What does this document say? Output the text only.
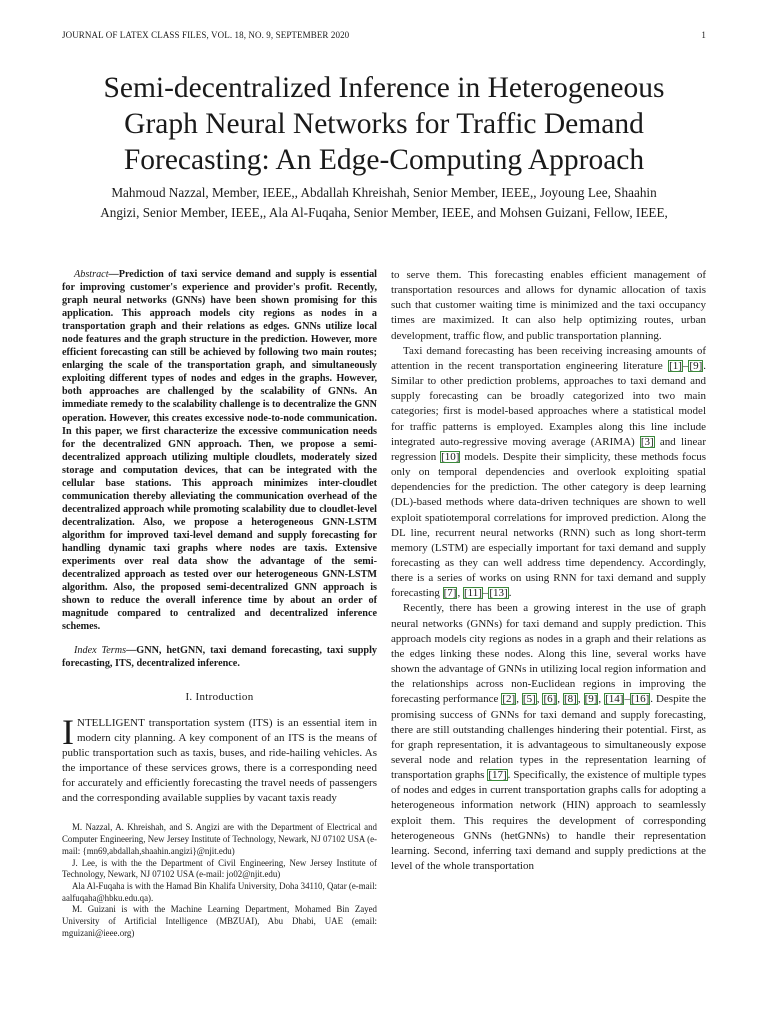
JOURNAL OF LATEX CLASS FILES, VOL. 18, NO. 9, SEPTEMBER 2020	1
Semi-decentralized Inference in Heterogeneous
Graph Neural Networks for Traffic Demand
Forecasting: An Edge-Computing Approach
Mahmoud Nazzal, Member, IEEE,, Abdallah Khreishah, Senior Member, IEEE,, Joyoung Lee, Shaahin
Angizi, Senior Member, IEEE,, Ala Al-Fuqaha, Senior Member, IEEE, and Mohsen Guizani, Fellow, IEEE,

Abstract—Prediction of taxi service demand and supply is essential for improving customer's experience and provider's profit. Recently, graph neural networks (GNNs) have been shown promising for this application. This approach models city regions as nodes in a transportation graph and their relations as edges. GNNs utilize local node features and the graph structure in the prediction. However, more efficient forecasting can still be achieved by following two main routes; enlarging the scale of the transportation graph, and simultaneously exploiting different types of nodes and edges in the graphs. However, both approaches are challenged by the scalability of GNNs. An immediate remedy to the scalability challenge is to decentralize the GNN operation. However, this creates excessive node-to-node communication. In this paper, we first characterize the excessive communication needs for the decentralized GNN approach. Then, we propose a semi-decentralized approach utilizing multiple cloudlets, moderately sized storage and computation devices, that can be integrated with the cellular base stations. This approach minimizes inter-cloudlet communication thereby alleviating the communication overhead of the decentralized approach while promoting scalability due to cloudlet-level decentralization. Also, we propose a heterogeneous GNN-LSTM algorithm for improved taxi-level demand and supply forecasting for handling dynamic taxi graphs where nodes are taxis. Extensive experiments over real data show the advantage of the semi-decentralized approach as tested over our heterogeneous GNN-LSTM algorithm. Also, the proposed semi-decentralized GNN approach is shown to reduce the overall inference time by about an order of magnitude compared to centralized and decentralized inference schemes.

Index Terms—GNN, hetGNN, taxi demand forecasting, taxi supply forecasting, ITS, decentralized inference.

I. Introduction

INTELLIGENT transportation system (ITS) is an essential item in modern city planning. A key component of an ITS is the means of public transportation such as taxis, buses, and ride-hailing vehicles. As the importance of these services grows, there is a corresponding need for accurately and efficiently forecasting the travel needs of passengers and the corresponding available supplies by vacant taxis ready

M. Nazzal, A. Khreishah, and S. Angizi are with the Department of Electrical and Computer Engineering, New Jersey Institute of Technology, Newark, NJ 07102 USA (e-mail: {mn69,abdallah,shaahin.angizi}@njit.edu)

J. Lee, is with the the Department of Civil Engineering, New Jersey Institute of Technology, Newark, NJ 07102 USA (e-mail: jo02@njit.edu)

Ala Al-Fuqaha is with the Hamad Bin Khalifa University, Doha 34110, Qatar (e-mail: aalfuqaha@hbku.edu.qa).

M. Guizani is with the Machine Learning Department, Mohamed Bin Zayed University of Artificial Intelligence (MBZUAI), Abu Dhabi, UAE (email: mguizani@ieee.org)

to serve them. This forecasting enables efficient management of transportation resources and allows for dynamic allocation of taxis such that customer waiting time is minimized and the taxi occupancy times are maximized. It can also help optimizing routes, urban development, traffic flow, and public transportation planning.

Taxi demand forecasting has been receiving increasing amounts of attention in the recent transportation engineering literature [1]–[9]. Similar to other prediction problems, approaches to taxi demand and supply forecasting can be broadly categorized into two main categories; first is model-based approaches where a statistical model for traffic patterns is employed. Examples along this line include integrated auto-regressive moving average (ARIMA) [3] and linear regression [10] models. Despite their simplicity, these methods focus only on temporal dependencies and overlook exploiting spatial dependencies for the prediction. The other category is deep learning (DL)-based methods where data-driven techniques are shown to well exploit spatiotemporal correlations for improved prediction. Along the DL line, recurrent neural networks (RNN) such as long short-term memory (LSTM) are especially important for taxi demand and supply forecasting as they can well address time dependency. Accordingly, there is a series of works on using RNN for taxi demand and supply forecasting [7], [11]–[13].

Recently, there has been a growing interest in the use of graph neural networks (GNNs) for taxi demand and supply prediction. This approach models city regions as nodes in a graph and their relations as the edges linking these nodes. Along this line, several works have shown the advantage of GNNs in utilizing local region information and the relationships across non-Euclidean regions in improving the forecasting performance [2], [5], [6], [8], [9], [14]–[16]. Despite the promising success of GNNs for taxi demand and supply forecasting, there are still outstanding challenges hindering their potential. First, as for graph representation, it is advantageous to simultaneously expose several node and relation types in the representation learning of transportation graphs [17]. Specifically, the existence of multiple types of nodes and edges in current transportation graphs calls for adopting a heterogeneous information network (HIN) approach to seamlessly exploit them. This requires the development of corresponding heterogeneous GNNs (hetGNNs) to handle their representation learning. Second, inferring taxi demand and supply predictions at the level of the whole transportation
